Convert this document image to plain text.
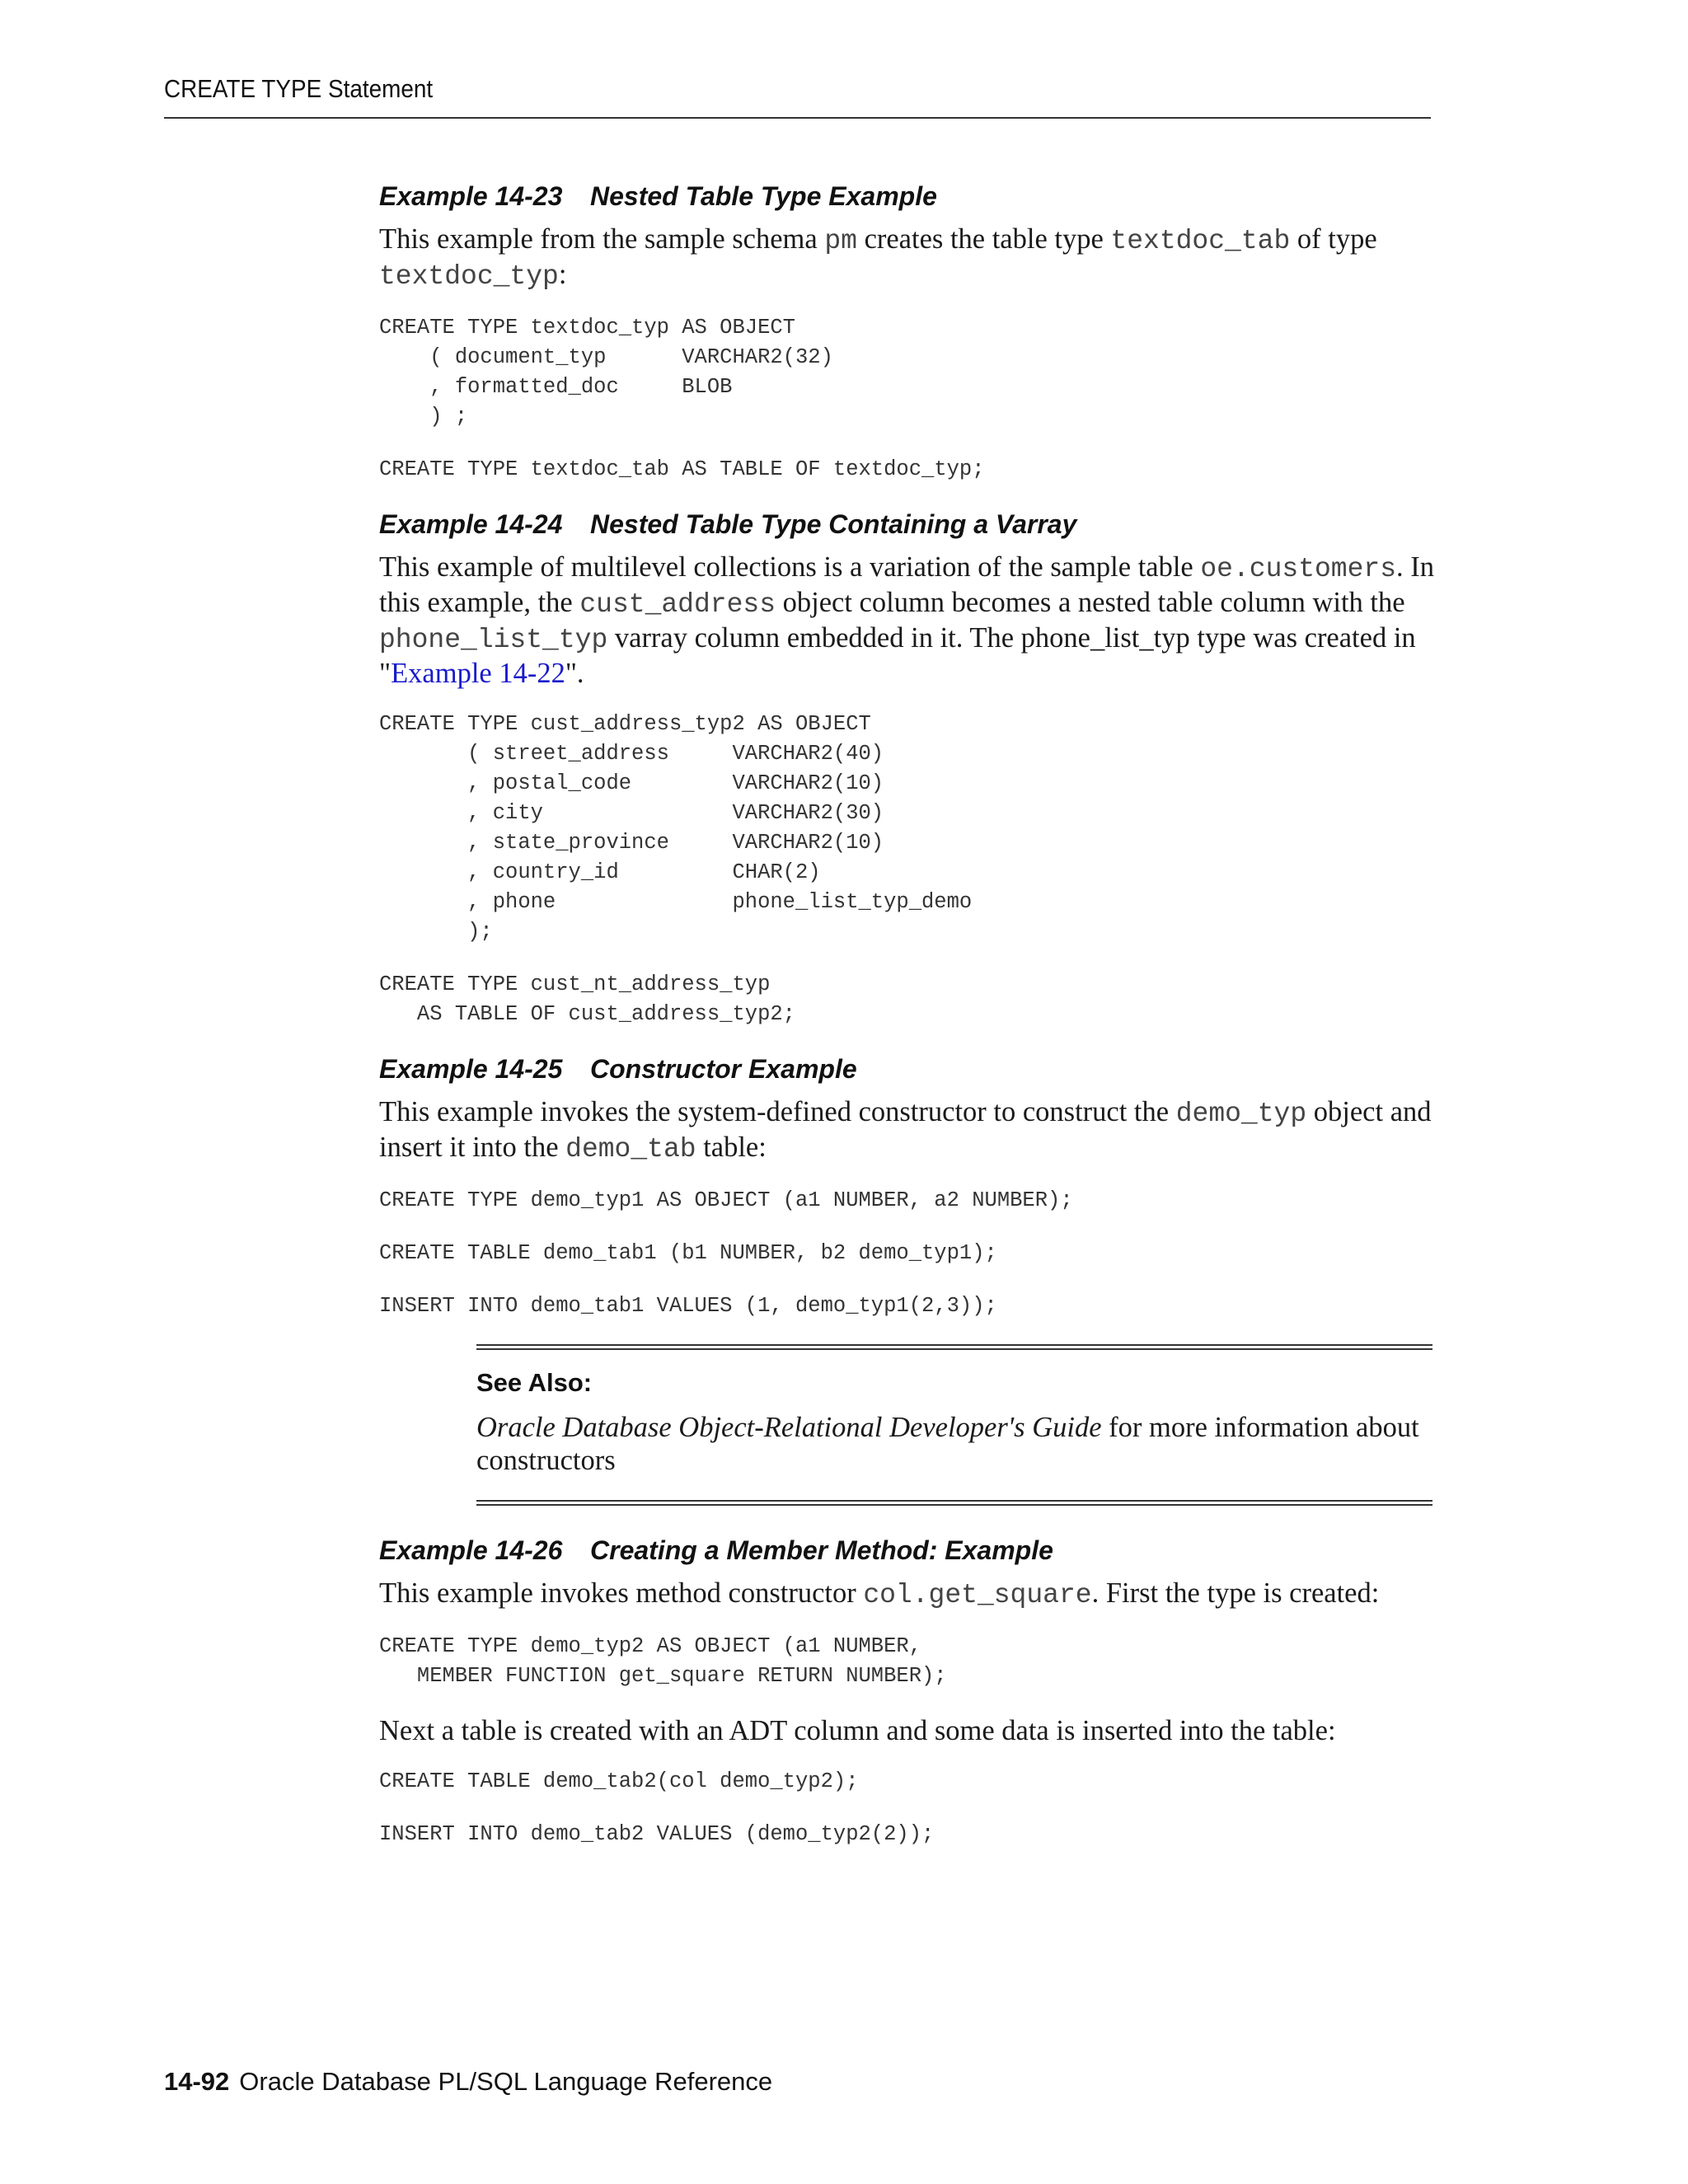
CREATE TYPE Statement
Example 14-23 Nested Table Type Example

This example from the sample schema pm creates the table type textdoc_tab of type textdoc_typ:

CREATE TYPE textdoc_typ AS OBJECT
( document_typ      VARCHAR2(32)
, formatted_doc     BLOB
) ;
CREATE TYPE textdoc_tab AS TABLE OF textdoc_typ;
Example 14-24 Nested Table Type Containing a Varray

This example of multilevel collections is a variation of the sample table oe.customers. In this example, the cust_address object column becomes a nested table column with the phone_list_typ varray column embedded in it. The phone_list_typ type was created in "Example 14-22".

CREATE TYPE cust_address_typ2 AS OBJECT
( street_address     VARCHAR2(40)
, postal_code        VARCHAR2(10)
, city               VARCHAR2(30)
, state_province     VARCHAR2(10)
, country_id         CHAR(2)
, phone              phone_list_typ_demo
);
CREATE TYPE cust_nt_address_typ
AS TABLE OF cust_address_typ2;
Example 14-25 Constructor Example

This example invokes the system-defined constructor to construct the demo_typ object and insert it into the demo_tab table:

CREATE TYPE demo_typ1 AS OBJECT (a1 NUMBER, a2 NUMBER);
CREATE TABLE demo_tab1 (b1 NUMBER, b2 demo_typ1);
INSERT INTO demo_tab1 VALUES (1, demo_typ1(2,3));
See Also:
Oracle Database Object-Relational Developer's Guide for more information about constructors
Example 14-26 Creating a Member Method: Example

This example invokes method constructor col.get_square. First the type is created:

CREATE TYPE demo_typ2 AS OBJECT (a1 NUMBER,
MEMBER FUNCTION get_square RETURN NUMBER);

Next a table is created with an ADT column and some data is inserted into the table:

CREATE TABLE demo_tab2(col demo_typ2);
INSERT INTO demo_tab2 VALUES (demo_typ2(2));
14-92 Oracle Database PL/SQL Language Reference
